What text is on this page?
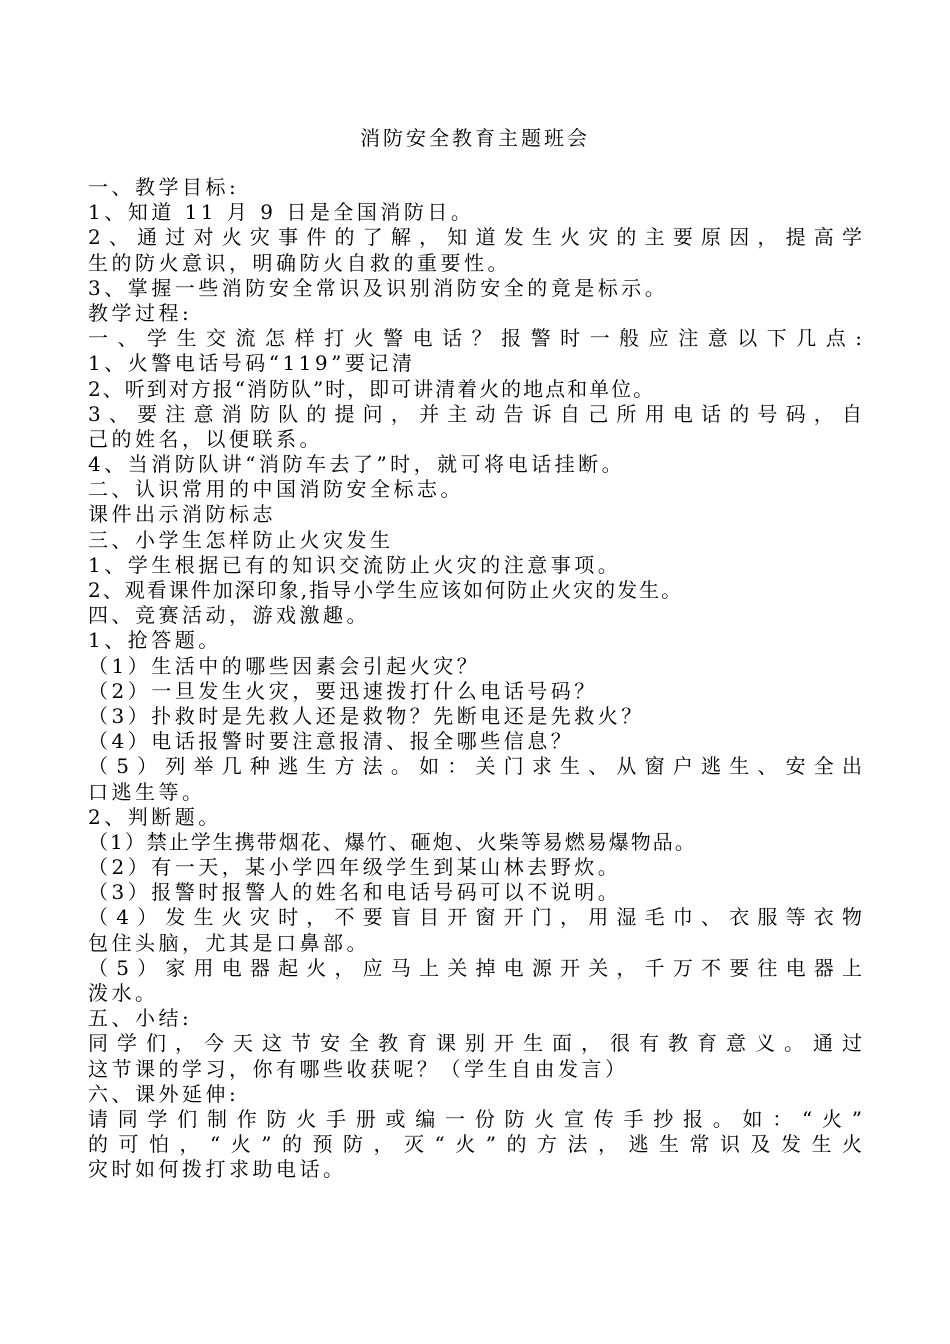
消防安全教育主题班会
一、教学目标:
1、知道 11 月 9 日是全国消防日。
2、通过对火灾事件的了解，知道发生火灾的主要原因，提高学
生的防火意识，明确防火自救的重要性。
3、掌握一些消防安全常识及识别消防安全的竟是标示。
教学过程:
一、学生交流怎样打火警电话？报警时一般应注意以下几点:
1、火警电话号码“119”要记清
2、听到对方报“消防队”时，即可讲清着火的地点和单位。
3、要注意消防队的提问，并主动告诉自己所用电话的号码，自
己的姓名，以便联系。
4、当消防队讲“消防车去了”时，就可将电话挂断。
二、认识常用的中国消防安全标志。
课件出示消防标志
三、小学生怎样防止火灾发生
1、学生根据已有的知识交流防止火灾的注意事项。
2、观看课件加深印象,指导小学生应该如何防止火灾的发生。
四、竞赛活动，游戏激趣。
1、抢答题。
（1）生活中的哪些因素会引起火灾？
（2）一旦发生火灾，要迅速拨打什么电话号码？
（3）扑救时是先救人还是救物？先断电还是先救火？
（4）电话报警时要注意报清、报全哪些信息？
（5）列举几种逃生方法。如：关门求生、从窗户逃生、安全出
口逃生等。
2、判断题。
（1）禁止学生携带烟花、爆竹、砸炮、火柴等易燃易爆物品。
（2）有一天，某小学四年级学生到某山林去野炊。
（3）报警时报警人的姓名和电话号码可以不说明。
（4）发生火灾时，不要盲目开窗开门，用湿毛巾、衣服等衣物
包住头脑，尤其是口鼻部。
（5）家用电器起火，应马上关掉电源开关，千万不要往电器上
泼水。
五、小结:
同学们，今天这节安全教育课别开生面，很有教育意义。通过
这节课的学习，你有哪些收获呢？（学生自由发言）
六、课外延伸:
请同学们制作防火手册或编一份防火宣传手抄报。如：“火”
的可怕，“火”的预防，灭“火”的方法，逃生常识及发生火
灾时如何拨打求助电话。
